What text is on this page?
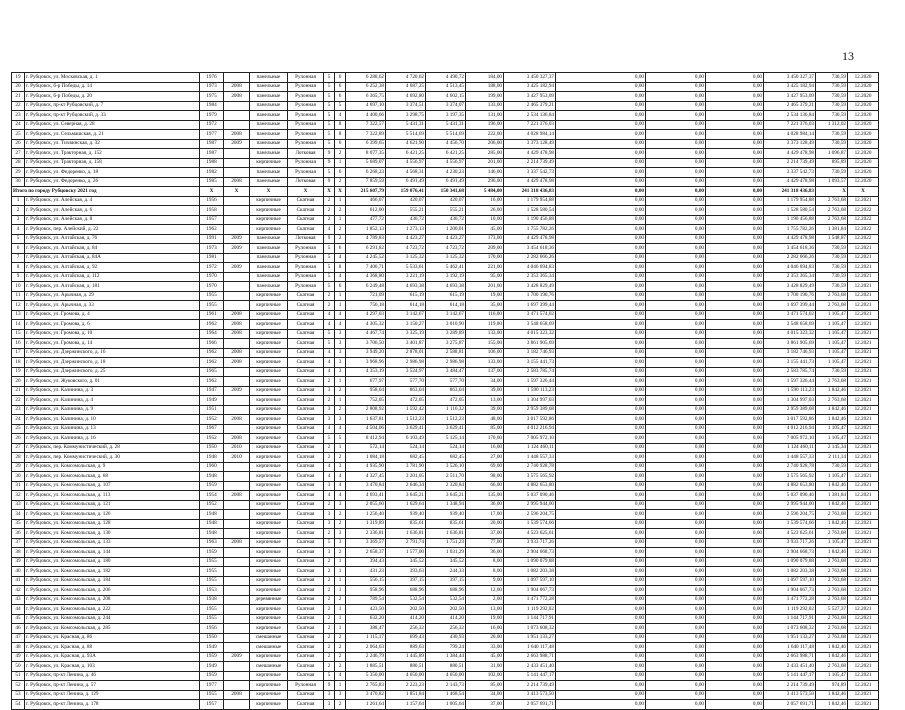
13
19	г. Рубцовск, ул. Московская, д. 1	1976		панельные	Рулонная	5	6	6 288,62	4 720,62	4 490,72	184,00	3 450 327,37	0,00	0,00	0,00	3 450 327,37	730,59	12.2020
20	г. Рубцовск, б-р Победы, д. 14	1973	2008	панельные	Рулонная	5	6	6 252,38	4 687,25	4 513,45	188,00	3 425 182,94	0,00	0,00	0,00	3 425 182,94	730,59	12.2020
21	г. Рубцовск, б-р Победы, д. 20	1975	2008	панельные	Рулонная	5	6	6 365,75	4 692,80	4 602,15	199,00	3 427 953,09	0,00	0,00	0,00	3 427 953,09	730,59	12.2020
22	г. Рубцовск, пр-кт Рубцовский, д. 7	1984		панельные	Рулонная	5	5	4 697,10	3 374,51	3 374,07	133,00	2 465 379,21	0,00	0,00	0,00	2 465 379,21	730,59	12.2020
23	г. Рубцовск, пр-кт Рубцовский, д. 33	1979		панельные	Рулонная	5	4	4 400,66	3 298,75	3 197,35	131,00	2 534 136,84	0,00	0,00	0,00	2 534 136,84	730,59	12.2020
24	г. Рубцовск, ул. Северная, д. 28	1972		панельные	Рулонная	5	8	7 322,57	5 431,31	5 431,31	196,00	7 221 376,03	0,00	0,00	0,00	7 221 376,03	1 312,02	12.2020
25	г. Рубцовск, ул. Сельмашская, д. 21	1977	2008	панельные	Рулонная	5	8	7 322,89	5 514,69	5 514,69	222,00	4 028 984,14	0,00	0,00	0,00	4 028 984,14	730,59	12.2020
26	г. Рубцовск, ул. Тихвинская, д. 32	1987	2009	панельные	Рулонная	5	6	6 399,65	4 621,90	4 456,70	206,00	3 373 128,49	0,00	0,00	0,00	3 373 128,49	730,59	12.2020
27	г. Рубцовск, ул. Тракторная, д. 152	1987		панельные	Лотковая	9	2	8 077,35	6 421,25	6 421,25	285,00	4 429 478,98	0,00	0,00	0,00	4 429 478,98	1 096,87	12.2020
28	г. Рубцовск, ул. Тракторная, д. 158	1988		кирпичные	Рулонная	9	1	5 689,07	4 556,97	4 556,97	201,00	2 214 739,49	0,00	0,00	0,00	2 214 739,49	895,89	12.2020
29	г. Рубцовск, ул. Федоренко, д. 18	1982		панельные	Рулонная	5	6	6 268,23	4 568,31	4 230,23	146,00	3 337 542,73	0,00	0,00	0,00	3 337 542,73	730,59	12.2020
30	г. Рубцовск, ул. Федоренко, д. 26	1985	2008	панельные	Лотковая	9	2	7 859,59	6 491,49	6 491,49	296,00	4 429 478,98	0,00	0,00	0,00	4 429 478,98	1 093,57	12.2020
Итого по городу Рубцовску 2021 год		X	X	X	X	X	X	215 607,79	159 076,41	150 341,68	5 484,00	241 318 436,83	0,00	0,00	0,00	241 318 436,83	X	X
1	г. Рубцовск, ул. Алейская, д. 4	1956		кирпичные	Скатная	2	1	466,07	420,07	420,07	16,00	1 179 954,88	0,00	0,00	0,00	1 179 954,88	2 763,68	12.2021
2	г. Рубцовск, ул. Алейская, д. 6	1958		кирпичные	Скатная	2	2	612,00	555,21	555,21	26,00	1 528 580,54	0,00	0,00	0,00	1 528 580,54	2 763,68	12.2022
3	г. Рубцовск, ул. Алейская, д. 8	1957		кирпичные	Скатная	2	1	477,72	430,72	430,72	10,00	1 190 456,88	0,00	0,00	0,00	1 190 456,88	2 763,68	12.2022
4	г. Рубцовск, пер. Алейский, д. 22	1962		кирпичные	Скатная	4	2	1 852,13	1 273,13	1 200,01	45,00	1 755 782,26	0,00	0,00	0,00	1 755 782,26	1 381,84	12.2022
5	г. Рубцовск, ул. Алтайская, д. 76	1991	2009	панельные	Лотковая	9	2	4 789,83	4 423,27	4 423,27	173,00	4 429 478,98	0,00	0,00	0,00	4 429 478,98	1 548,87	12.2022
6	г. Рубцовск, ул. Алтайская, д. 84	1973	2009	панельные	Рулонная	5	6	6 291,82	4 723,72	4 723,72	209,00	3 454 618,36	0,00	0,00	0,00	3 454 618,36	730,59	12.2021
7	г. Рубцовск, ул. Алтайская, д. 84А	1981		панельные	Рулонная	5	4	4 245,52	3 125,32	3 125,32	170,00	2 282 666,26	0,00	0,00	0,00	2 282 666,26	730,59	12.2021
8	г. Рубцовск, ул. Алтайская, д. 92	1972	2009	панельные	Рулонная	5	8	7 406,71	5 533,61	5 462,41	221,00	4 046 694,83	0,00	0,00	0,00	4 046 694,83	730,59	12.2021
9	г. Рубцовск, ул. Алтайская, д. 112	1970		панельные	Рулонная	5	4	4 368,80	3 221,19	3 192,19	95,00	2 353 365,34	0,00	0,00	0,00	2 353 365,34	730,59	12.2021
10	г. Рубцовск, ул. Алтайская, д. 181	1970		панельные	Рулонная	5	6	6 249,48	4 693,38	4 693,38	201,00	3 428 829,49	0,00	0,00	0,00	3 428 829,49	730,59	12.2021
11	г. Рубцовск, ул. Арычная, д. 29	1955		кирпичные	Скатная	2	1	721,09	615,19	615,19	19,00	1 700 190,76	0,00	0,00	0,00	1 700 190,76	2 763,68	12.2021
12	г. Рубцовск, ул. Арычная, д. 33	1955		кирпичные	Скатная	2	1	756,18	614,18	614,18	35,00	1 697 399,44	0,00	0,00	0,00	1 697 399,44	2 763,68	12.2021
13	г. Рубцовск, ул. Громова, д. 4	1961	2008	кирпичные	Скатная	4	4	4 297,03	3 142,67	3 142,67	116,00	3 471 574,02	0,00	0,00	0,00	3 471 574,02	1 105,47	12.2021
14	г. Рубцовск, ул. Громова, д. 6	1962	2008	кирпичные	Скатная	4	4	4 305,32	3 150,27	3 010,90	119,00	3 548 658,69	0,00	0,00	0,00	3 548 658,69	1 105,47	12.2021
15	г. Рубцовск, ул. Громова, д. 10	1964	2008	кирпичные	Скатная	5	3	4 467,74	3 325,19	3 289,89	133,00	4 015 323,32	0,00	0,00	0,00	4 015 323,32	1 105,47	12.2021
16	г. Рубцовск, ул. Громова, д. 14	1966		кирпичные	Скатная	5	3	3 706,50	3 401,87	3 275,87	155,00	3 861 905,69	0,00	0,00	0,00	3 861 905,69	1 105,47	12.2021
17	г. Рубцовск, ул. Дзержинского, д. 16	1962	2008	кирпичные	Скатная	4	3	3 949,20	2 878,01	2 588,81	106,00	3 182 746,93	0,00	0,00	0,00	3 182 746,93	1 105,47	12.2021
18	г. Рубцовск, ул. Дзержинского, д. 18	1962	2008	кирпичные	Скатная	4	3	3 968,96	2 986,98	2 986,98	133,00	3 155 441,73	0,00	0,00	0,00	3 155 441,73	1 105,47	12.2021
19	г. Рубцовск, ул. Дзержинского, д. 25	1965		кирпичные	Скатная	4	3	4 353,19	3 524,97	3 484,47	137,00	2 583 785,74	0,00	0,00	0,00	2 583 785,74	730,59	12.2021
20	г. Рубцовск, ул. Жуковского, д. 01	1962		кирпичные	Скатная	2	1	677,97	577,70	577,70	34,00	1 597 326,44	0,00	0,00	0,00	1 597 326,44	2 763,68	12.2021
21	г. Рубцовск, ул. Калинина, д. 3	1947	2009	кирпичные	Скатная	3	2	958,04	863,04	863,04	39,00	1 590 113,23	0,00	0,00	0,00	1 590 113,23	1 842,46	12.2021
22	г. Рубцовск, ул. Калинина, д. 4	1949		кирпичные	Скатная	2	1	752,05	472,05	472,05	13,00	1 304 997,03	0,00	0,00	0,00	1 304 997,03	2 763,68	12.2021
23	г. Рубцовск, ул. Калинина, д. 9	1951		кирпичные	Скатная	3	2	2 808,92	1 592,42	1 116,32	39,00	2 959 389,68	0,00	0,00	0,00	2 959 389,68	1 842,46	12.2021
24	г. Рубцовск, ул. Калинина, д. 10	1952	2008	кирпичные	Скатная	3	3	1 637,81	1 512,23	1 512,23	48,00	3 017 592,86	0,00	0,00	0,00	3 017 592,86	1 842,46	12.2021
25	г. Рубцовск, ул. Калинина, д. 13	1967		кирпичные	Скатная	4	4	4 504,06	3 629,41	3 629,41	85,00	4 012 216,94	0,00	0,00	0,00	4 012 216,94	1 105,47	12.2021
26	г. Рубцовск, ул. Калинина, д. 16	1952	2008	кирпичные	Скатная	5	5	8 412,94	6 103,49	5 125,14	170,00	7 005 972,10	0,00	0,00	0,00	7 005 972,10	1 105,47	12.2021
27	г. Рубцовск, пер. Коммунистический, д. 28	1950	2010	кирпичные	Скатная	2	1	572,14	524,14	524,14	16,00	1 124 460,11	0,00	0,00	0,00	1 124 460,11	2 145,34	12.2021
28	г. Рубцовск, пер. Коммунистический, д. 30	1948	2010	кирпичные	Скатная	2	2	1 084,18	682,45	682,45	27,00	1 448 557,33	0,00	0,00	0,00	1 448 557,33	2 111,14	12.2021
29	г. Рубцовск, ул. Комсомольская, д. 9	1960		кирпичные	Скатная	4	3	4 935,90	3 781,90	3 526,10	69,00	2 740 928,78	0,00	0,00	0,00	2 740 928,78	730,59	12.2021
30	г. Рубцовск, ул. Комсомольская, д. 68	1948		кирпичные	Скатная	4	4	4 327,45	3 201,05	2 511,70	98,00	3 575 565,92	0,00	0,00	0,00	3 575 565,92	1 105,47	12.2021
31	г. Рубцовск, ул. Комсомольская, д. 107	1959		кирпичные	Скатная	3	4	3 470,84	2 646,34	2 320,84	66,00	4 882 653,80	0,00	0,00	0,00	4 882 653,80	1 842,46	12.2021
32	г. Рубцовск, ул. Комсомольская, д. 113	1954	2008	кирпичные	Скатная	4	4	4 693,41	3 645,21	3 645,21	135,00	5 037 090,46	0,00	0,00	0,00	5 037 090,46	1 381,84	12.2021
33	г. Рубцовск, ул. Комсомольская, д. 121	1952		кирпичные	Скатная	2	3	2 055,60	1 629,64	1 348,94	36,00	2 995 944,00	0,00	0,00	0,00	2 995 944,00	1 842,46	12.2021
34	г. Рубцовск, ул. Комсомольская, д. 126	1948		кирпичные	Скатная	3	2	1 256,40	939,40	939,40	17,00	2 596 204,75	0,00	0,00	0,00	2 596 204,75	2 763,68	12.2021
35	г. Рубцовск, ул. Комсомольская, д. 128	1948		кирпичные	Скатная	3	2	1 319,89	835,61	835,61	20,00	1 539 574,66	0,00	0,00	0,00	1 539 574,66	1 842,46	12.2021
36	г. Рубцовск, ул. Комсомольская, д. 130	1948		кирпичные	Скатная	2	3	2 336,81	1 636,81	1 636,81	37,00	4 523 625,61	0,00	0,00	0,00	4 523 625,61	2 763,68	12.2021
37	г. Рубцовск, ул. Комсомольская, д. 133	1963	2008	кирпичные	Скатная	5	3	3 369,57	2 791,74	1 751,23	77,00	3 933 717,26	0,00	0,00	0,00	3 933 717,26	1 105,47	12.2021
38	г. Рубцовск, ул. Комсомольская, д. 144	1959		кирпичные	Скатная	3	2	2 658,37	1 577,00	1 031,29	36,00	2 904 668,73	0,00	0,00	0,00	2 904 668,73	1 842,46	12.2021
39	г. Рубцовск, ул. Комсомольская, д. 180	1955		кирпичные	Скатная	2	1	394,43	345,52	345,52	8,00	1 090 079,88	0,00	0,00	0,00	1 090 079,88	2 763,68	12.2021
40	г. Рубцовск, ул. Комсомольская, д. 182	1955		кирпичные	Скатная	2	1	431,23	393,63	244,33	8,00	1 082 203,38	0,00	0,00	0,00	1 082 203,38	2 763,68	12.2021
41	г. Рубцовск, ул. Комсомольская, д. 184	1955		кирпичные	Скатная	2	1	556,15	397,15	397,15	9,00	1 097 597,10	0,00	0,00	0,00	1 097 597,10	2 763,68	12.2021
42	г. Рубцовск, ул. Комсомольская, д. 206	1953		кирпичные	Скатная	2	1	958,96	688,96	688,96	12,00	1 904 067,73	0,00	0,00	0,00	1 904 067,73	2 763,68	12.2021
43	г. Рубцовск, ул. Комсомольская, д. 208	1938		деревянные	Скатная	2	2	789,54	532,54	532,54	2,00	1 471 772,28	0,00	0,00	0,00	1 471 772,28	2 763,68	12.2021
44	г. Рубцовск, ул. Комсомольская, д. 222	1955		кирпичные	Скатная	2	1	423,50	202,50	202,50	13,00	1 119 292,02	0,00	0,00	0,00	1 119 292,02	5 527,37	12.2021
45	г. Рубцовск, ул. Комсомольская, д. 244	1955		кирпичные	Скатная	2	1	632,20	414,20	414,20	19,00	1 144 717,91	0,00	0,00	0,00	1 144 717,91	2 763,68	12.2021
46	г. Рубцовск, ул. Комсомольская, д. 285	1956		кирпичные	Скатная	2	1	388,47	256,32	256,32	16,00	1 073 608,32	0,00	0,00	0,00	1 073 608,32	2 763,68	12.2021
47	г. Рубцовск, ул. Красная, д. 86	1950		смешанные	Скатная	2	2	1 115,17	699,43	430,93	20,00	1 951 133,27	0,00	0,00	0,00	1 951 133,27	2 763,68	12.2021
48	г. Рубцовск, ул. Красная, д. 88	1949		смешанные	Скатная	2	2	2 064,63	889,63	799,24	33,00	1 640 117,48	0,00	0,00	0,00	1 640 117,48	1 842,46	12.2021
49	г. Рубцовск, ул. Красная, д. 93А	1959	2009	кирпичные	Скатная	2	2	2 246,79	1 445,89	1 384,44	45,00	2 663 988,71	0,00	0,00	0,00	2 663 988,71	1 842,46	12.2021
50	г. Рубцовск, ул. Красная, д. 103	1949		смешанные	Скатная	2	2	1 885,51	880,51	880,51	31,00	2 433 451,40	0,00	0,00	0,00	2 433 451,40	2 763,68	12.2021
51	г. Рубцовск, пр-кт Ленина, д. 46	1959		кирпичные	Скатная	5	4	5 350,00	4 650,00	4 650,00	102,00	5 141 447,17	0,00	0,00	0,00	5 141 447,17	1 105,47	12.2021
52	г. Рубцовск, пр-кт Ленина, д. 57	1977		кирпичные	Рулонная	9	1	2 765,83	2 223,23	2 143,73	85,00	2 214 739,49	0,00	0,00	0,00	2 214 739,49	974,89	12.2021
53	г. Рубцовск, пр-кт Ленина, д. 129	1955	2008	кирпичные	Скатная	3	3	3 470,82	1 851,84	1 468,54	34,00	3 413 573,50	0,00	0,00	0,00	3 413 573,50	1 842,46	12.2021
54	г. Рубцовск, пр-кт Ленина, д. 178	1957		кирпичные	Скатная	3	2	1 261,64	1 157,64	1 005,64	37,00	2 057 691,71	0,00	0,00	0,00	2 057 691,71	1 842,46	12.2021
